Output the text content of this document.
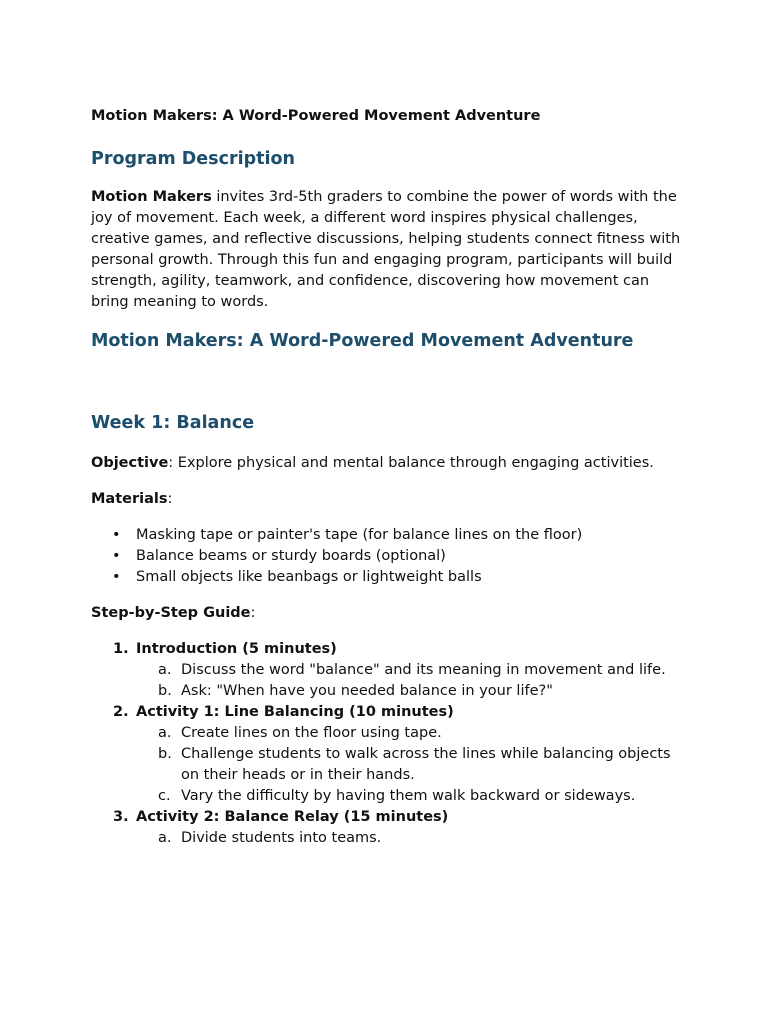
Motion Makers: A Word-Powered Movement Adventure

Program Description

Motion Makers invites 3rd-5th graders to combine the power of words with the joy of movement. Each week, a different word inspires physical challenges, creative games, and reflective discussions, helping students connect fitness with personal growth. Through this fun and engaging program, participants will build strength, agility, teamwork, and confidence, discovering how movement can bring meaning to words.

Motion Makers: A Word-Powered Movement Adventure
Week 1: Balance

Objective: Explore physical and mental balance through engaging activities.

Materials:

• Masking tape or painter's tape (for balance lines on the floor)
• Balance beams or sturdy boards (optional)
• Small objects like beanbags or lightweight balls

Step-by-Step Guide:

1. Introduction (5 minutes)
a. Discuss the word "balance" and its meaning in movement and life.
b. Ask: "When have you needed balance in your life?"
2. Activity 1: Line Balancing (10 minutes)
a. Create lines on the floor using tape.
b. Challenge students to walk across the lines while balancing objects on their heads or in their hands.
c. Vary the difficulty by having them walk backward or sideways.
3. Activity 2: Balance Relay (15 minutes)
a. Divide students into teams.
